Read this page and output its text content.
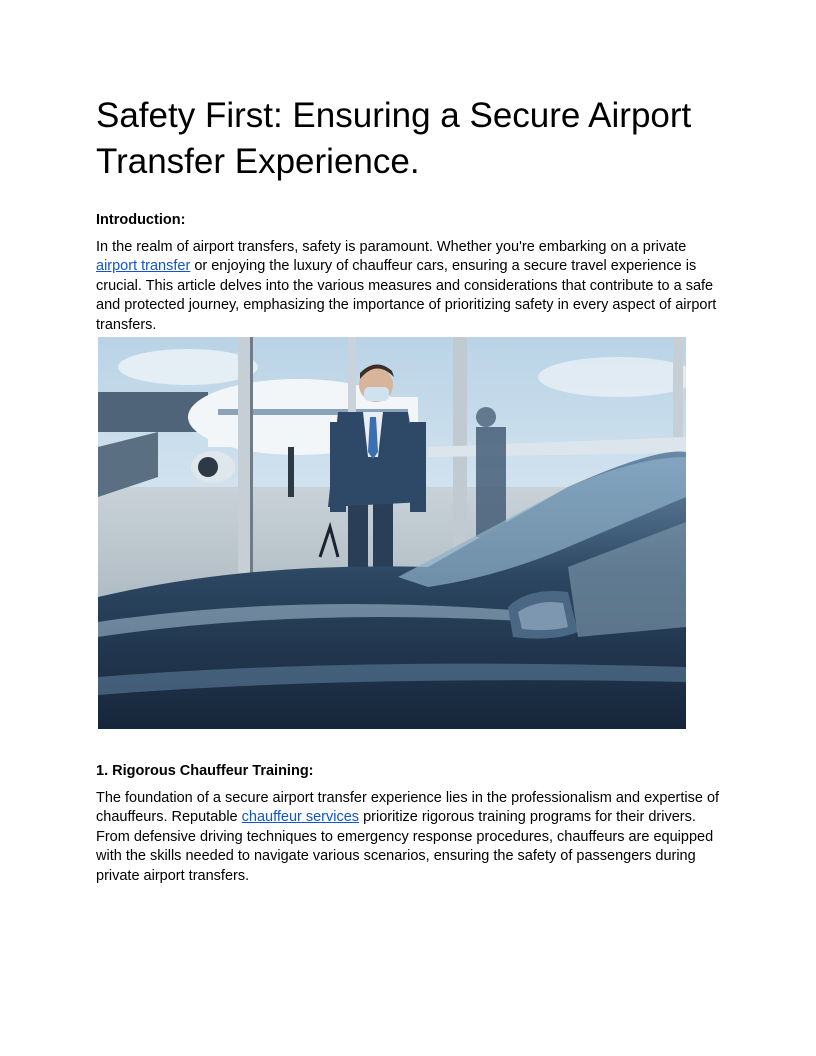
Safety First: Ensuring a Secure Airport Transfer Experience.

Introduction:

In the realm of airport transfers, safety is paramount. Whether you're embarking on a private airport transfer or enjoying the luxury of chauffeur cars, ensuring a secure travel experience is crucial. This article delves into the various measures and considerations that contribute to a safe and protected journey, emphasizing the importance of prioritizing safety in every aspect of airport transfers.

1. Rigorous Chauffeur Training:

The foundation of a secure airport transfer experience lies in the professionalism and expertise of chauffeurs. Reputable chauffeur services prioritize rigorous training programs for their drivers. From defensive driving techniques to emergency response procedures, chauffeurs are equipped with the skills needed to navigate various scenarios, ensuring the safety of passengers during private airport transfers.
